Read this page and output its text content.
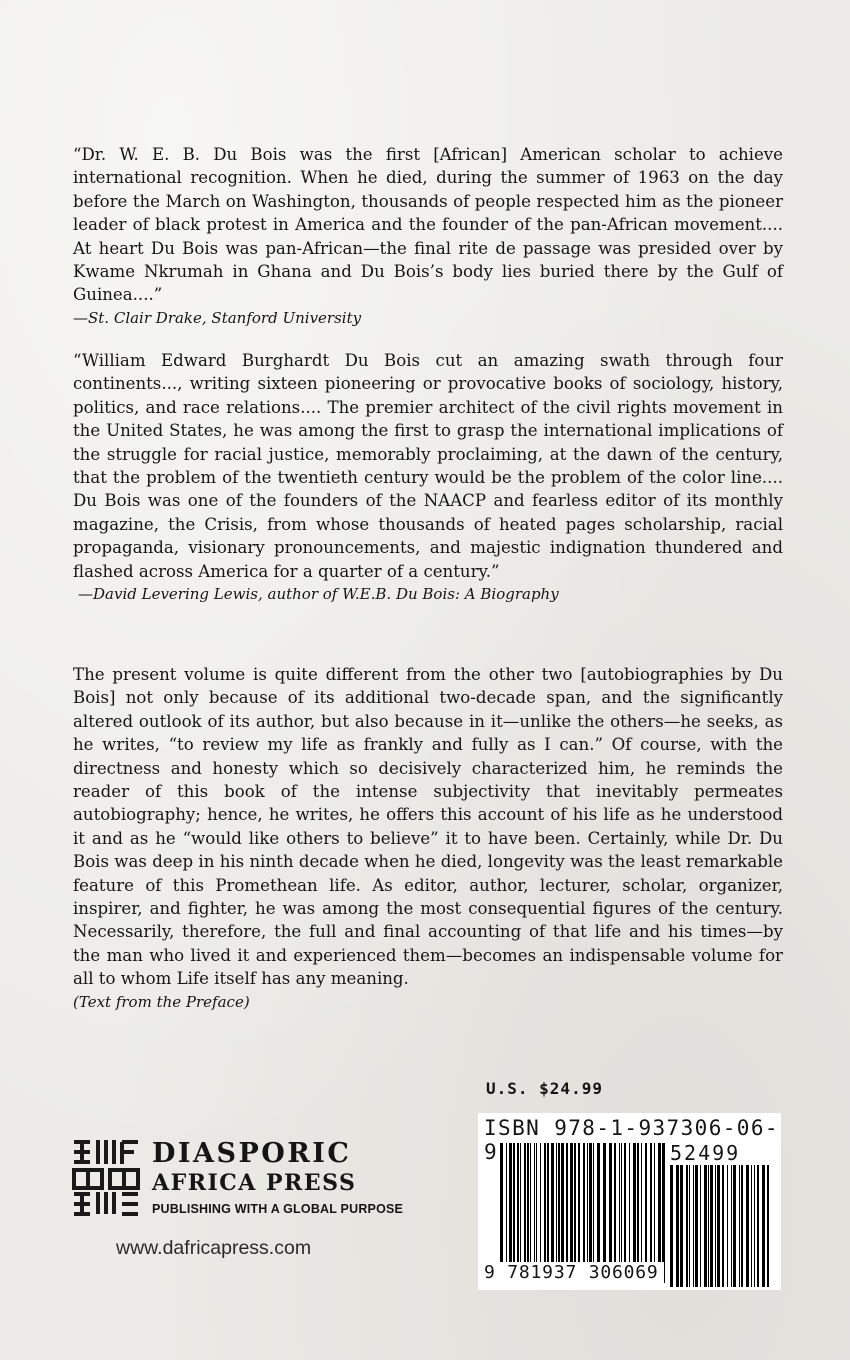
“Dr. W. E. B. Du Bois was the first [African] American scholar to achieve international recognition. When he died, during the summer of 1963 on the day before the March on Washington, thousands of people respected him as the pioneer leader of black protest in America and the founder of the pan-African movement.... At heart Du Bois was pan-African—the final rite de passage was presided over by Kwame Nkrumah in Ghana and Du Bois’s body lies buried there by the Gulf of Guinea....”

—St. Clair Drake, Stanford University

“William Edward Burghardt Du Bois cut an amazing swath through four continents..., writing sixteen pioneering or provocative books of sociology, history, politics, and race relations.... The premier architect of the civil rights movement in the United States, he was among the first to grasp the international implications of the struggle for racial justice, memorably proclaiming, at the dawn of the century, that the problem of the twentieth century would be the problem of the color line.... Du Bois was one of the founders of the NAACP and fearless editor of its monthly magazine, the Crisis, from whose thousands of heated pages scholarship, racial propaganda, visionary pronouncements, and majestic indignation thundered and flashed across America for a quarter of a century.”

—David Levering Lewis, author of W.E.B. Du Bois: A Biography

The present volume is quite different from the other two [autobiographies by Du Bois] not only because of its additional two-decade span, and the significantly altered outlook of its author, but also because in it—unlike the others—he seeks, as he writes, “to review my life as frankly and fully as I can.” Of course, with the directness and honesty which so decisively characterized him, he reminds the reader of this book of the intense subjectivity that inevitably permeates autobiography; hence, he writes, he offers this account of his life as he understood it and as he “would like others to believe” it to have been. Certainly, while Dr. Du Bois was deep in his ninth decade when he died, longevity was the least remarkable feature of this Promethean life. As editor, author, lecturer, scholar, organizer, inspirer, and fighter, he was among the most consequential figures of the century. Necessarily, therefore, the full and final accounting of that life and his times—by the man who lived it and experienced them—becomes an indispensable volume for all to whom Life itself has any meaning.

(Text from the Preface)

U.S. $24.99
ISBN 978-1-937306-06-9	52499
9 781937 306069
DIASPORIC
AFRICA PRESS
PUBLISHING WITH A GLOBAL PURPOSE
www.dafricapress.com
